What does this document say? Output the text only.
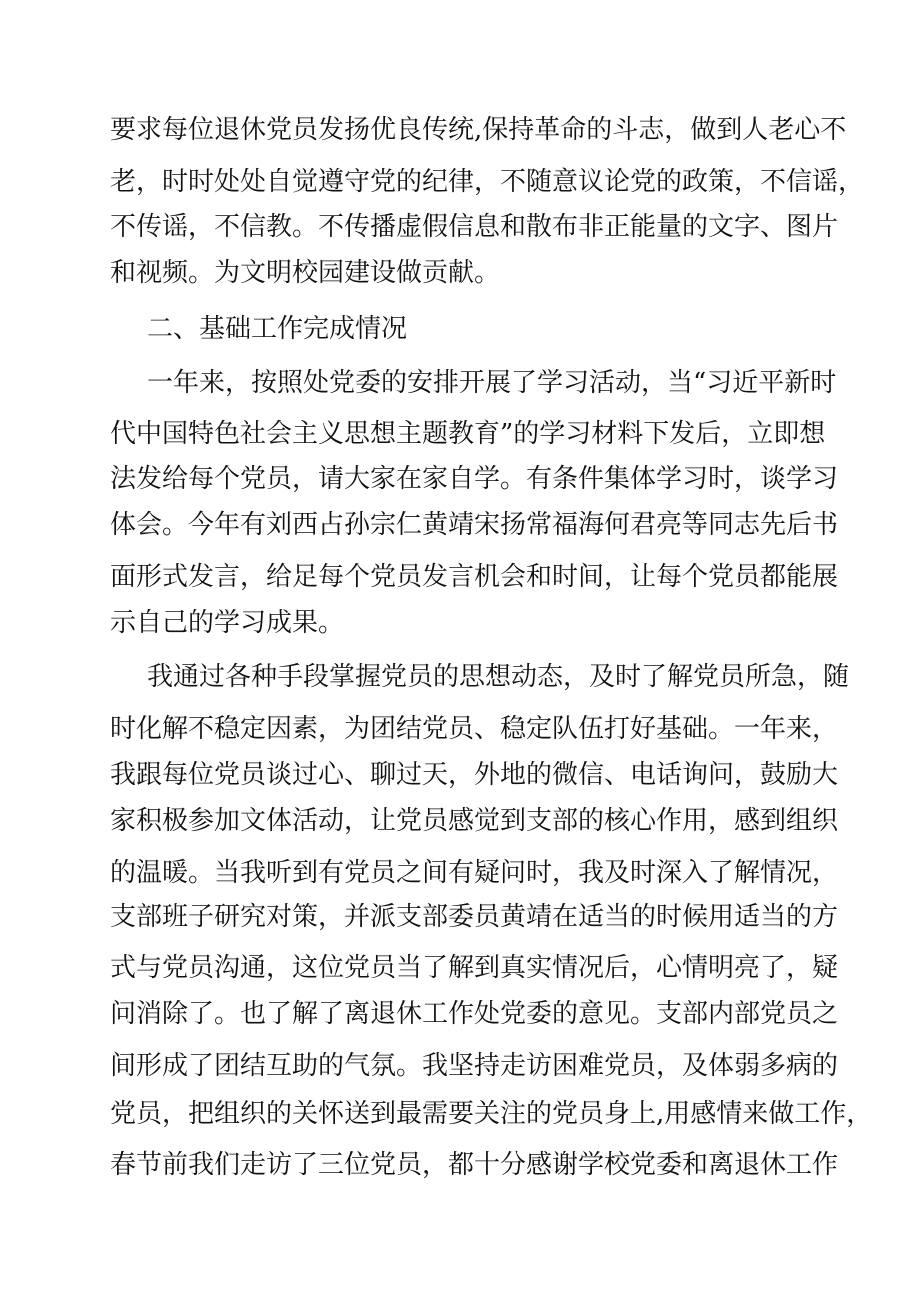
要求每位退休党员发扬优良传统,保持革命的斗志，做到人老心不
老，时时处处自觉遵守党的纪律，不随意议论党的政策，不信谣，
不传谣，不信教。不传播虚假信息和散布非正能量的文字、图片
和视频。为文明校园建设做贡献。
二、基础工作完成情况
一年来，按照处党委的安排开展了学习活动，当“习近平新时
代中国特色社会主义思想主题教育”的学习材料下发后，立即想
法发给每个党员，请大家在家自学。有条件集体学习时，谈学习
体会。今年有刘西占孙宗仁黄靖宋扬常福海何君亮等同志先后书
面形式发言，给足每个党员发言机会和时间，让每个党员都能展
示自己的学习成果。
我通过各种手段掌握党员的思想动态，及时了解党员所急，随
时化解不稳定因素，为团结党员、稳定队伍打好基础。一年来，
我跟每位党员谈过心、聊过天，外地的微信、电话询问，鼓励大
家积极参加文体活动，让党员感觉到支部的核心作用，感到组织
的温暖。当我听到有党员之间有疑问时，我及时深入了解情况，
支部班子研究对策，并派支部委员黄靖在适当的时候用适当的方
式与党员沟通，这位党员当了解到真实情况后，心情明亮了，疑
问消除了。也了解了离退休工作处党委的意见。支部内部党员之
间形成了团结互助的气氛。我坚持走访困难党员，及体弱多病的
党员，把组织的关怀送到最需要关注的党员身上,用感情来做工作，
春节前我们走访了三位党员，都十分感谢学校党委和离退休工作
